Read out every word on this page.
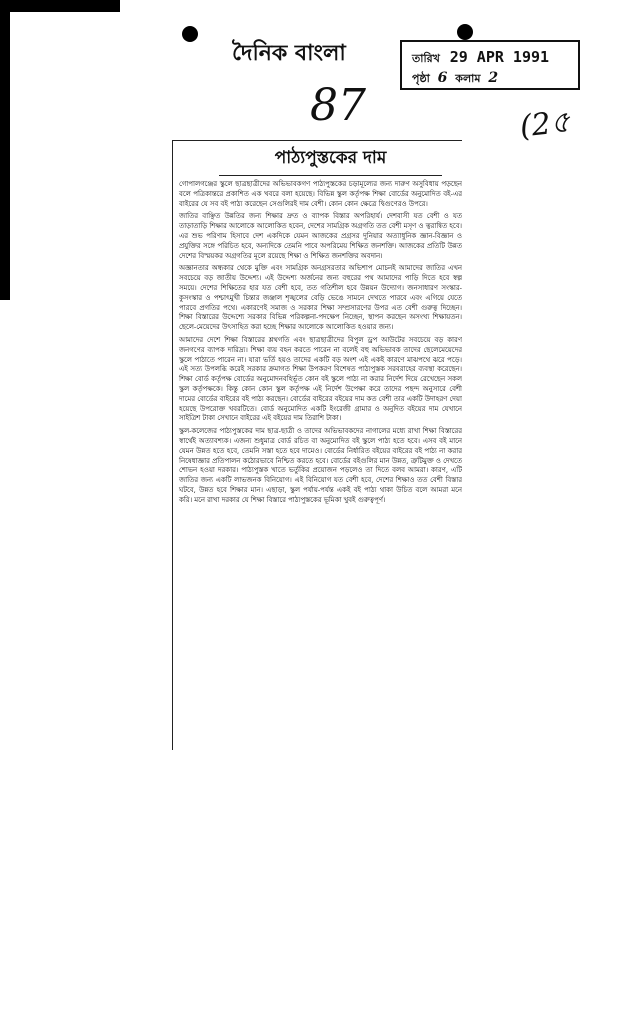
দৈনিক বাংলা	তারিখ 29 APR 1991
পৃষ্ঠা 6 কলাম 2
87	(2৫
পাঠ্যপুস্তকের দাম

গোপালগঞ্জের স্কুলে ছাত্রছাত্রীদের অভিভাবকগণ পাঠ্যপুস্তকের চড়ামূল্যের জন্য দারুণ অসুবিধায় পড়ছেন বলে পত্রিকান্তরে প্রকাশিত এক খবরে বলা হয়েছে। বিভিন্ন স্কুল কর্তৃপক্ষ শিক্ষা বোর্ডের অনুমোদিত বই-এর বাইরের যে সব বই পাঠ্য করেছেন সেগুলিরই দাম বেশী। কোন কোন ক্ষেত্রে দ্বিগুণেরও উপরে।

জাতির বাঞ্ছিত উন্নতির জন্য শিক্ষার দ্রুত ও ব্যাপক বিস্তার অপরিহার্য। দেশবাসী যত বেশী ও যত তাড়াতাড়ি শিক্ষার আলোকে আলোকিত হবেন, দেশের সামগ্রিক অগ্রগতি তত বেশী মসৃণ ও ত্বরান্বিত হবে। এর শুভ পরিণাম হিসাবে দেশ একদিকে যেমন আজকের প্রগ্রসর দুনিয়ার অত্যাধুনিক জ্ঞান-বিজ্ঞান ও প্রযুক্তির সঙ্গে পরিচিত হবে, অন্যদিকে তেমনি পাবে অপরিমেয় শিক্ষিত জনশক্তি। আজকের প্রতিটি উন্নত দেশের বিস্ময়কর অগ্রগতির মূলে রয়েছে শিক্ষা ও শিক্ষিত জনশক্তির অবদান।

অজ্ঞানতার অন্ধকার থেকে মুক্তি এবং সামগ্রিক অনগ্রসরতার অভিশাপ মোচনই আমাদের জাতির এখন সবচেয়ে বড় জাতীয় উদ্দেশ্য। এই উদ্দেশ্য অর্জনের জন্য বহুরের পথ আমাদের পাড়ি দিতে হবে স্বল্প সময়ে। দেশের শিক্ষিতের হার যত বেশী হবে, তত গতিশীল হবে উন্নয়ন উদ্যোগ। জনসাধারণ সংস্কার-কুসংস্কার ও পশ্চাৎমুখী চিন্তার জঞ্জাল শৃঙ্খলের বেড়ি ভেঙে সামনে দেখতে পারবে এবং এগিয়ে যেতে পারবে প্রগতির পথে। একারণেই সমাজ ও সরকার শিক্ষা সম্প্রসারণের উপর এত বেশী গুরুত্ব দিচ্ছেন। শিক্ষা বিস্তারের উদ্দেশ্যে সরকার বিভিন্ন পরিকল্পনা-পদক্ষেপ নিচ্ছেন, স্থাপন করছেন অসংখ্য শিক্ষায়তন। ছেলে-মেয়েদের উৎসাহিত করা হচ্ছে শিক্ষার আলোকে আলোকিত হওয়ার জন্য।

আমাদের দেশে শিক্ষা বিস্তারের শ্লথগতি এবং ছাত্রছাত্রীদের বিপুল ড্রপ আউটের সবচেয়ে বড় কারণ জনগণের ব্যাপক দারিদ্র্য। শিক্ষা ব্যয় বহন করতে পারেন না বলেই বহু অভিভাবক তাদের ছেলেমেয়েদের স্কুলে পাঠাতে পারেন না। যারা ভর্তি হয়ও তাদের একটি বড় অংশ এই একই কারণে মাঝপথে ঝরে পড়ে। এই সত্য উপলব্ধি করেই সরকার ক্রমাগত শিক্ষা উপকরণ বিশেষত পাঠ্যপুস্তক সরবরাহের ব্যবস্থা করেছেন। শিক্ষা বোর্ড কর্তৃপক্ষ বোর্ডের অনুমোদনবহির্ভূত কোন বই স্কুলে পাঠ্য না করার নির্দেশ দিয়ে রেখেছেন সকল স্কুল কর্তৃপক্ষকে। কিন্তু কোন কোন স্কুল কর্তৃপক্ষ এই নির্দেশ উপেক্ষা করে তাদের পছন্দ অনুসারে বেশী দামের বোর্ডের বাইরের বই পাঠ্য করছেন। বোর্ডের বাইরের বইয়ের দাম কত বেশী তার একটি উদাহরণ দেয়া হয়েছে উপরোক্ত খবরটিতে। বোর্ড অনুমোদিত একটি ইংরেজী গ্রামার ও অনুদিত বইয়ের দাম যেখানে সাইত্রিশ টাকা সেখানে বাইরের এই বইয়ের দাম তিরাশি টাকা।

স্কুল-কলেজের পাঠ্যপুস্তকের দাম ছাত্র-ছাত্রী ও তাদের অভিভাবকদের নাগালের মধ্যে রাখা শিক্ষা বিস্তারের স্বার্থেই অত্যাবশ্যক। এজন্য শুধুমাত্র বোর্ড রচিত বা অনুমোদিত বই স্কুলে পাঠ্য হতে হবে। এসব বই মানে যেমন উন্নত হতে হবে, তেমনি সস্তা হতে হবে দামেও। বোর্ডের নির্ধারিত বইয়ের বাইরের বই পাঠ্য না করার নিষেধাজ্ঞার প্রতিপালন কঠোরভাবে নিশ্চিত করতে হবে। বোর্ডের বইগুলির মান উন্নত, ত্রুটিমুক্ত ও দেখতে শোভন হওয়া দরকার। পাঠ্যপুস্তক খাতে ভর্তুকির প্রয়োজন পড়লেও তা দিতে বলব আমরা। কারণ, এটি জাতির জন্য একটি লাভজনক বিনিয়োগ। এই বিনিয়োগ যত বেশী হবে, দেশের শিক্ষাও তত বেশী বিস্তার ঘটবে, উন্নত হবে শিক্ষার মান। এছাড়া, স্কুল পর্যায়-পর্যন্ত একই বই পাঠ্য থাকা উচিত বলে আমরা মনে করি। মনে রাখা দরকার যে শিক্ষা বিস্তারে পাঠ্যপুস্তকের ভূমিকা খুবই গুরুত্বপূর্ণ।
